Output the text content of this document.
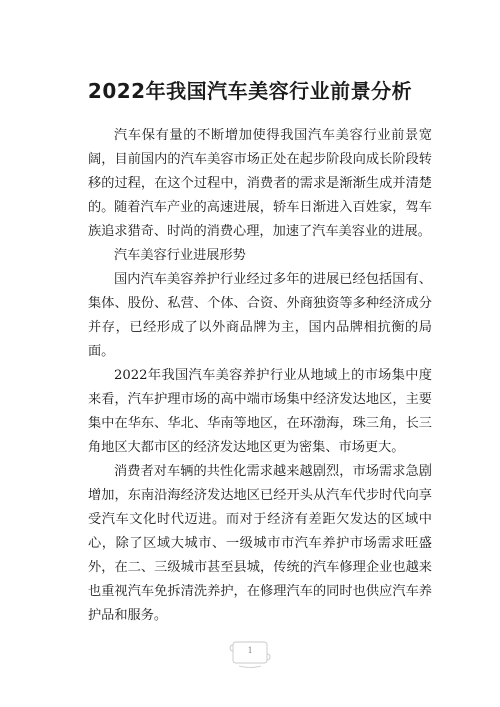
2022年我国汽车美容行业前景分析

汽车保有量的不断增加使得我国汽车美容行业前景宽阔，目前国内的汽车美容市场正处在起步阶段向成长阶段转移的过程，在这个过程中，消费者的需求是渐渐生成并清楚的。 随着汽车产业的高速进展，轿车日渐进入百姓家，驾车族追求猎奇、时尚的消费心理，加速了汽车美容业的进展。

汽车美容行业进展形势

国内汽车美容养护行业经过多年的进展已经包括国有、集体、股份、私营、个体、合资、外商独资等多种经济成分并存，已经形成了以外商品牌为主，国内品牌相抗衡的局面。

2022年我国汽车美容养护行业从地域上的市场集中度来看，汽车护理市场的高中端市场集中经济发达地区，主要集中在华东、华北、华南等地区，在环渤海，珠三角，长三角地区大都市区的经济发达地区更为密集、市场更大。

消费者对车辆的共性化需求越来越剧烈，市场需求急剧增加，东南沿海经济发达地区已经开头从汽车代步时代向享受汽车文化时代迈进。而对于经济有差距欠发达的区域中心，除了区域大城市、一级城市市汽车养护市场需求旺盛外，在二、三级城市甚至县城，传统的汽车修理企业也越来也重视汽车免拆清洗养护，在修理汽车的同时也供应汽车养护品和服务。

1
